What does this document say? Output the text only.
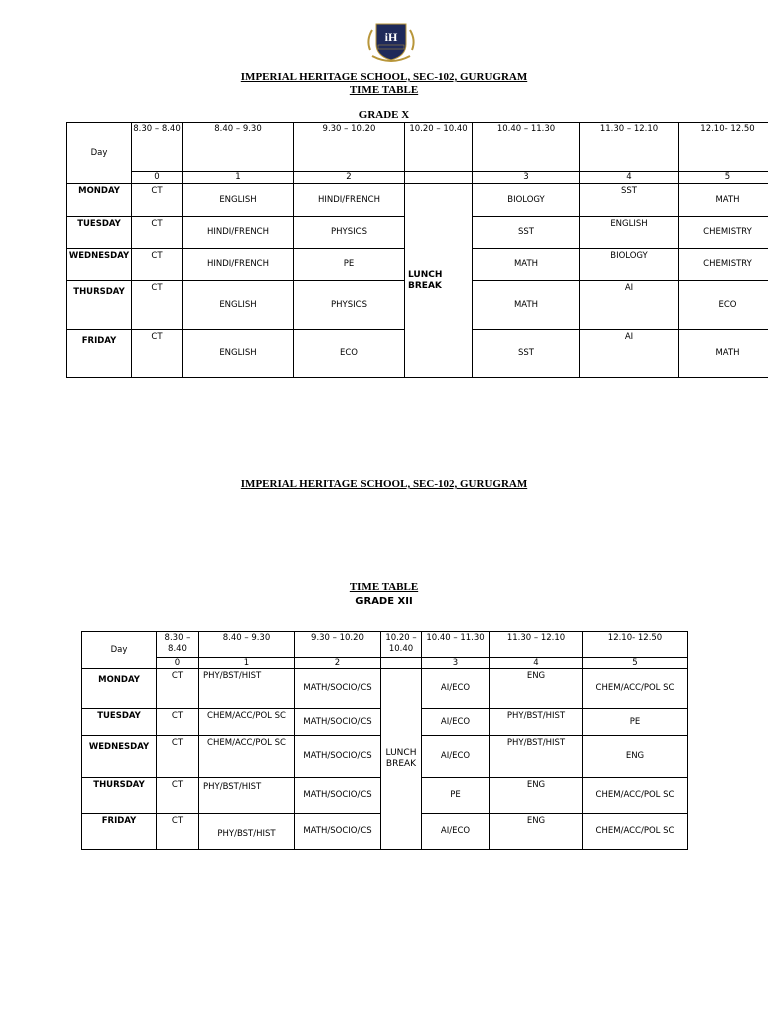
iH
IMPERIAL HERITAGE SCHOOL, SEC-102, GURUGRAM
TIME TABLE
GRADE X
Day	8.30 – 8.40	8.40 – 9.30	9.30 – 10.20	10.20 – 10.40	10.40 – 11.30	11.30 – 12.10	12.10- 12.50
	0	1	2		3	4	5
MONDAY	CT	ENGLISH	HINDI/FRENCH	LUNCH BREAK	BIOLOGY	SST	MATH
TUESDAY	CT	HINDI/FRENCH	PHYSICS		SST	ENGLISH	CHEMISTRY
WEDNESDAY	CT	HINDI/FRENCH	PE		MATH	BIOLOGY	CHEMISTRY
THURSDAY	CT	ENGLISH	PHYSICS		MATH	AI	ECO
FRIDAY	CT	ENGLISH	ECO		SST	AI	MATH
IMPERIAL HERITAGE SCHOOL, SEC-102, GURUGRAM
TIME TABLE
GRADE XII
Day	8.30 – 8.40	8.40 – 9.30	9.30 – 10.20	10.20 – 10.40	10.40 – 11.30	11.30 – 12.10	12.10- 12.50
	0	1	2		3	4	5
MONDAY	CT	PHY/BST/HIST	MATH/SOCIO/CS	LUNCH BREAK	AI/ECO	ENG	CHEM/ACC/POL SC
TUESDAY	CT	CHEM/ACC/POL SC	MATH/SOCIO/CS		AI/ECO	PHY/BST/HIST	PE
WEDNESDAY	CT	CHEM/ACC/POL SC	MATH/SOCIO/CS		AI/ECO	PHY/BST/HIST	ENG
THURSDAY	CT	PHY/BST/HIST	MATH/SOCIO/CS		PE	ENG	CHEM/ACC/POL SC
FRIDAY	CT	PHY/BST/HIST	MATH/SOCIO/CS		AI/ECO	ENG	CHEM/ACC/POL SC
